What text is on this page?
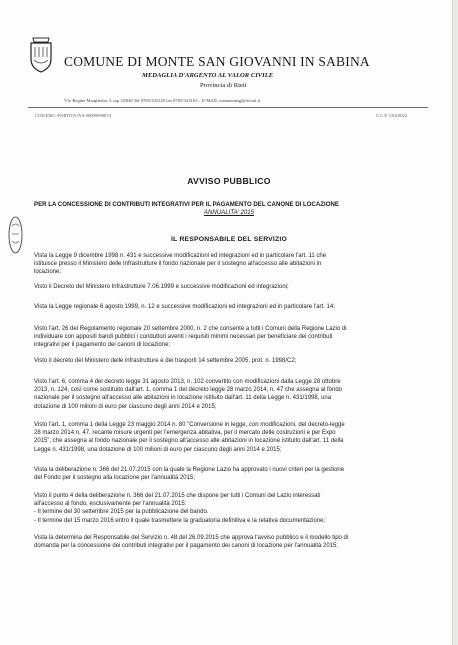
COMUNE DI MONTE SAN GIOVANNI IN SABINA
MEDAGLIA D'ARGENTO AL VALOR CIVILE
Provincia di Rieti
V.le Regina Margherita, 3 cap. 02040 Tel 0765/333129 fax 0765/333163 – E-MAIL comunemsg@tiscali.it
COD.FISC./PARTITA IVA 00099990074	C.C.P. 15010022
AVVISO PUBBLICO
PER LA CONCESSIONE DI CONTRIBUTI INTEGRATIVI PER IL PAGAMENTO DEL CANONE DI LOCAZIONE
ANNUALITA' 2015
IL RESPONSABILE DEL SERVIZIO
Vista la Legge 9 dicembre 1998 n. 431 e successive modificazioni ed integrazioni ed in particolare l'art. 11 che
istituisce presso il Ministero delle Infrastrutture il fondo nazionale per il sostegno all'accesso alle abitazioni in
locazione;
Visto il Decreto del Ministero Infrastrutture 7.06.1999 e successive modificazioni ed integrazioni;
Vista la Legge regionale 6 agosto 1999, n. 12 e successive modificazioni ed integrazioni ed in particolare l'art. 14;
Visto l'art. 26 del Regolamento regionale 20 settembre 2000, n. 2 che consente a tutti i Comuni della Regione Lazio di
individuare con appositi bandi pubblici i conduttori aventi i requisiti minimi necessari per beneficiare dei contributi
integrativi per il pagamento dei canoni di locazione;
Visto il decreto del Ministero delle infrastrutture e dei trasporti 14 settembre 2005, prot. n. 1998/C2;
Visto l'art. 6, comma 4 del decreto legge 31 agosto 2013, n. 102 convertito con modificazioni dalla Legge 28 ottobre
2013, n. 124, così come sostituito dall'art. 1, comma 1 del decreto legge 28 marzo 2014, n. 47 che assegna al fondo
nazionale per il sostegno all'accesso alle abitazioni in locazione istituito dall'art. 11 della Legge n. 431/1998, una
dotazione di 100 milioni di euro per ciascuno degli anni 2014 e 2015;
Visto l'art. 1, comma 1 della Legge 23 maggio 2014 n. 80 "Conversione in legge, con modificazioni, del decreto-legge
28 marzo 2014 n. 47, recante misure urgenti per l'emergenza abitativa, per il mercato delle costruzioni e per Expo
2015", che assegna al fondo nazionale per il sostegno all'accesso alle abitazioni in locazione istituito dall'art. 11 della
Legge n. 431/1998, una dotazione di 100 milioni di euro per ciascuno degli anni 2014 e 2015;
Vista la deliberazione n. 366 del 21.07.2015 con la quale la Regione Lazio ha approvato i nuovi criteri per la gestione
del Fondo per il sostegno alla locazione per l'annualità 2015;
Visto il punto 4 della deliberazione n. 366 del 21.07.2015 che dispone per tutti i Comuni del Lazio interessati
all'accesso al fondo, esclusivamente per l'annualità 2015:
- Il termine del 30 settembre 2015 per la pubblicazione del bando.
- Il termine del 15 marzo 2016 entro il quale trasmettere la graduatoria definitiva e la relativa documentazione;
Vista la determina del Responsabile del Servizio n. 48 del 26.09.2015 che approva l'avviso pubblico e il modello tipo di
domanda per la concessione dei contributi integrativi per il pagamento dei canoni di locazione per l'annualità 2015;
